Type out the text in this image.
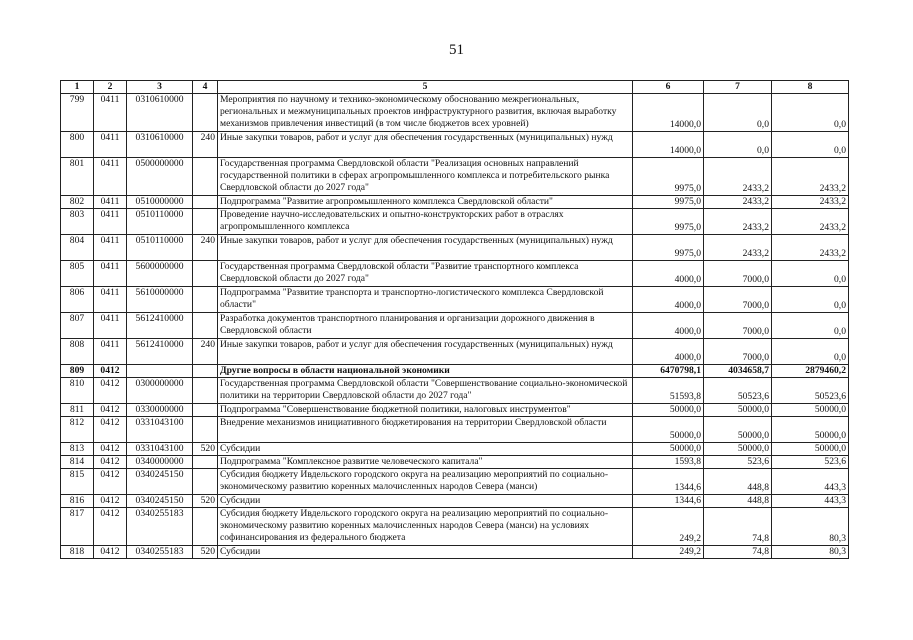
51
1	2	3	4	5	6	7	8
799	0411	0310610000		Мероприятия по научному и технико-экономическому обоснованию межрегиональных, региональных и межмуниципальных проектов инфраструктурного развития, включая выработку механизмов привлечения инвестиций (в том числе бюджетов всех уровней)	14000,0	0,0	0,0
800	0411	0310610000	240	Иные закупки товаров, работ и услуг для обеспечения государственных (муниципальных) нужд	14000,0	0,0	0,0
801	0411	0500000000		Государственная программа Свердловской области "Реализация основных направлений государственной политики в сферах агропромышленного комплекса и потребительского рынка Свердловской области до 2027 года"	9975,0	2433,2	2433,2
802	0411	0510000000		Подпрограмма "Развитие агропромышленного комплекса Свердловской области"	9975,0	2433,2	2433,2
803	0411	0510110000		Проведение научно-исследовательских и опытно-конструкторских работ в отраслях агропромышленного комплекса	9975,0	2433,2	2433,2
804	0411	0510110000	240	Иные закупки товаров, работ и услуг для обеспечения государственных (муниципальных) нужд	9975,0	2433,2	2433,2
805	0411	5600000000		Государственная программа Свердловской области "Развитие транспортного комплекса Свердловской области до 2027 года"	4000,0	7000,0	0,0
806	0411	5610000000		Подпрограмма "Развитие транспорта и транспортно-логистического комплекса Свердловской области"	4000,0	7000,0	0,0
807	0411	5612410000		Разработка документов транспортного планирования и организации дорожного движения в Свердловской области	4000,0	7000,0	0,0
808	0411	5612410000	240	Иные закупки товаров, работ и услуг для обеспечения государственных (муниципальных) нужд	4000,0	7000,0	0,0
809	0412			Другие вопросы в области национальной экономики	6470798,1	4034658,7	2879460,2
810	0412	0300000000		Государственная программа Свердловской области "Совершенствование социально-экономической политики на территории Свердловской области до 2027 года"	51593,8	50523,6	50523,6
811	0412	0330000000		Подпрограмма "Совершенствование бюджетной политики, налоговых инструментов"	50000,0	50000,0	50000,0
812	0412	0331043100		Внедрение механизмов инициативного бюджетирования на территории Свердловской области	50000,0	50000,0	50000,0
813	0412	0331043100	520	Субсидии	50000,0	50000,0	50000,0
814	0412	0340000000		Подпрограмма "Комплексное развитие человеческого капитала"	1593,8	523,6	523,6
815	0412	0340245150		Субсидия бюджету Ивдельского городского округа на реализацию мероприятий по социально-экономическому развитию коренных малочисленных народов Севера (манси)	1344,6	448,8	443,3
816	0412	0340245150	520	Субсидии	1344,6	448,8	443,3
817	0412	0340255183		Субсидия бюджету Ивдельского городского округа на реализацию мероприятий по социально-экономическому развитию коренных малочисленных народов Севера (манси) на условиях софинансирования из федерального бюджета	249,2	74,8	80,3
818	0412	0340255183	520	Субсидии	249,2	74,8	80,3
